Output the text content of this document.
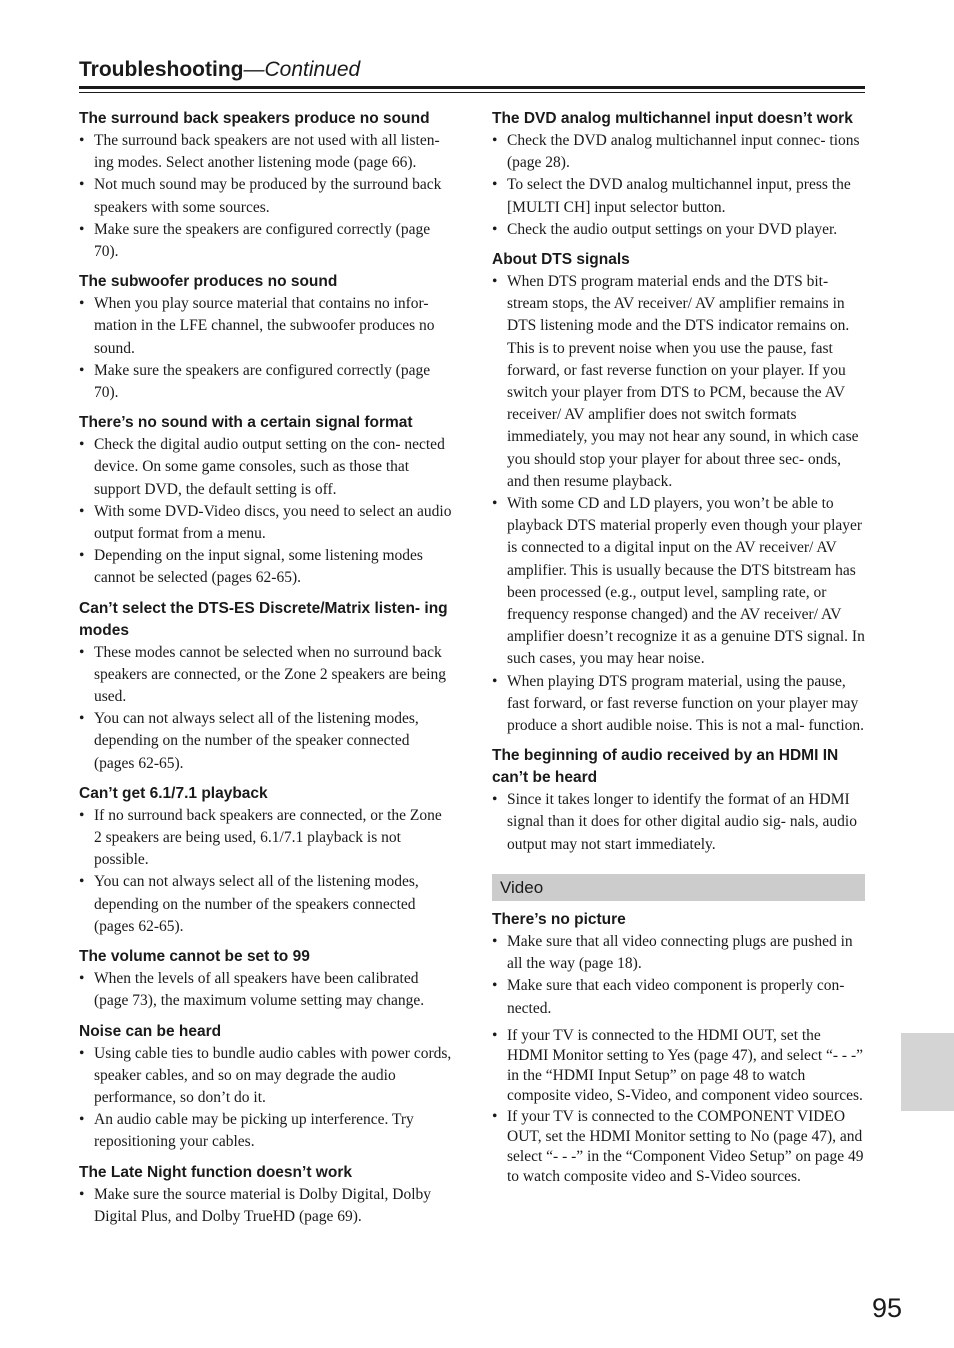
Troubleshooting—Continued
The surround back speakers produce no sound
• The surround back speakers are not used with all listen- ing modes. Select another listening mode (page 66).
• Not much sound may be produced by the surround back speakers with some sources.
• Make sure the speakers are configured correctly (page 70).
The subwoofer produces no sound
• When you play source material that contains no infor- mation in the LFE channel, the subwoofer produces no sound.
• Make sure the speakers are configured correctly (page 70).
There’s no sound with a certain signal format
• Check the digital audio output setting on the con- nected device. On some game consoles, such as those that support DVD, the default setting is off.
• With some DVD-Video discs, you need to select an audio output format from a menu.
• Depending on the input signal, some listening modes cannot be selected (pages 62-65).
Can’t select the DTS-ES Discrete/Matrix listen- ing modes
• These modes cannot be selected when no surround back speakers are connected, or the Zone 2 speakers are being used.
• You can not always select all of the listening modes, depending on the number of the speaker connected (pages 62-65).
Can’t get 6.1/7.1 playback
• If no surround back speakers are connected, or the Zone 2 speakers are being used, 6.1/7.1 playback is not possible.
• You can not always select all of the listening modes, depending on the number of the speakers connected (pages 62-65).
The volume cannot be set to 99
• When the levels of all speakers have been calibrated (page 73), the maximum volume setting may change.
Noise can be heard
• Using cable ties to bundle audio cables with power cords, speaker cables, and so on may degrade the audio performance, so don’t do it.
• An audio cable may be picking up interference. Try repositioning your cables.
The Late Night function doesn’t work
• Make sure the source material is Dolby Digital, Dolby Digital Plus, and Dolby TrueHD (page 69).
The DVD analog multichannel input doesn’t work
• Check the DVD analog multichannel input connec- tions (page 28).
• To select the DVD analog multichannel input, press the [MULTI CH] input selector button.
• Check the audio output settings on your DVD player.
About DTS signals
• When DTS program material ends and the DTS bit- stream stops, the AV receiver/ AV amplifier remains in DTS listening mode and the DTS indicator remains on. This is to prevent noise when you use the pause, fast forward, or fast reverse function on your player. If you switch your player from DTS to PCM, because the AV receiver/ AV amplifier does not switch formats immediately, you may not hear any sound, in which case you should stop your player for about three sec- onds, and then resume playback.
• With some CD and LD players, you won’t be able to playback DTS material properly even though your player is connected to a digital input on the AV receiver/ AV amplifier. This is usually because the DTS bitstream has been processed (e.g., output level, sampling rate, or frequency response changed) and the AV receiver/ AV amplifier doesn’t recognize it as a genuine DTS signal. In such cases, you may hear noise.
• When playing DTS program material, using the pause, fast forward, or fast reverse function on your player may produce a short audible noise. This is not a mal- function.
The beginning of audio received by an HDMI IN can’t be heard
• Since it takes longer to identify the format of an HDMI signal than it does for other digital audio sig- nals, audio output may not start immediately.
Video
There’s no picture
• Make sure that all video connecting plugs are pushed in all the way (page 18).
• Make sure that each video component is properly con- nected.
• If your TV is connected to the HDMI OUT, set the HDMI Monitor setting to Yes (page 47), and select “- - -” in the “HDMI Input Setup” on page 48 to watch composite video, S-Video, and component video sources.
• If your TV is connected to the COMPONENT VIDEO OUT, set the HDMI Monitor setting to No (page 47), and select “- - -” in the “Component Video Setup” on page 49 to watch composite video and S-Video sources.
95
